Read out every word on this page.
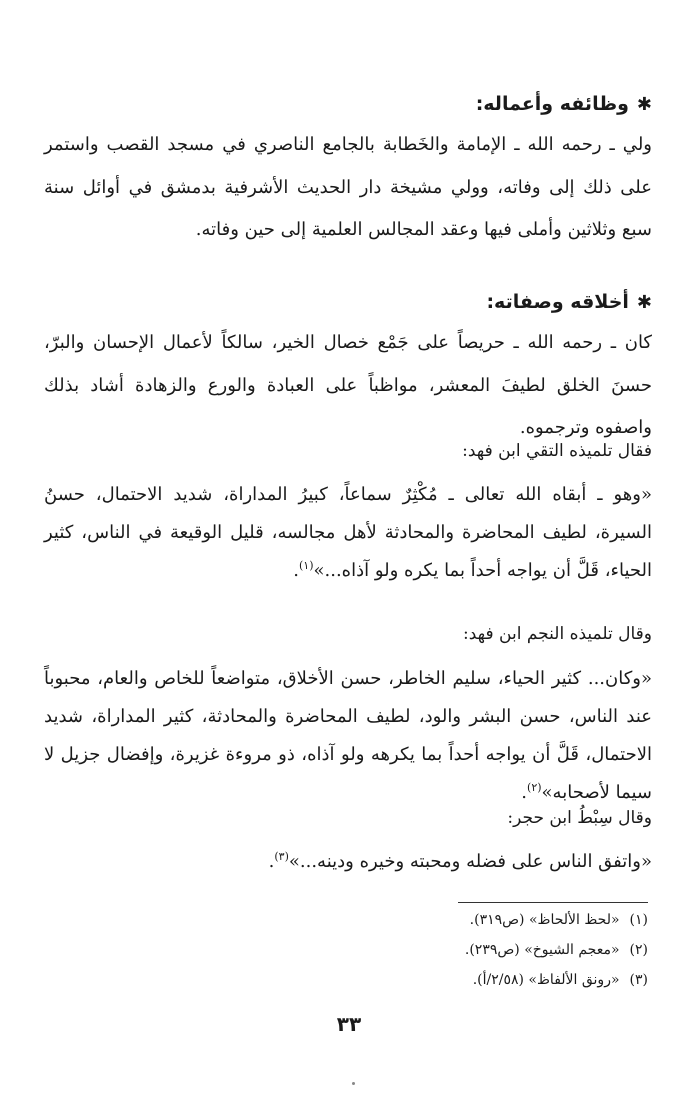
✱وظائفه وأعماله:
ولي ـ رحمه الله ـ الإمامة والخَطابة بالجامع الناصري في مسجد القصب واستمر على ذلك إلى وفاته، وولي مشيخة دار الحديث الأشرفية بدمشق في أوائل سنة سبع وثلاثين وأملى فيها وعقد المجالس العلمية إلى حين وفاته.
✱أخلاقه وصفاته:
كان ـ رحمه الله ـ حريصاً على جَمْع خصال الخير، سالكاً لأعمال الإحسان والبرّ، حسنَ الخلق لطيفَ المعشر، مواظباً على العبادة والورع والزهادة أشاد بذلك واصفوه وترجموه.
فقال تلميذه التقي ابن فهد:
«وهو ـ أبقاه الله تعالى ـ مُكْثِرٌ سماعاً، كبيرُ المداراة، شديد الاحتمال، حسنُ السيرة، لطيف المحاضرة والمحادثة لأهل مجالسه، قليل الوقيعة في الناس، كثير الحياء، قَلَّ أن يواجه أحداً بما يكره ولو آذاه...»$^{(١)}$.
وقال تلميذه النجم ابن فهد:
«وكان... كثير الحياء، سليم الخاطر، حسن الأخلاق، متواضعاً للخاص والعام، محبوباً عند الناس، حسن البشر والود، لطيف المحاضرة والمحادثة، كثير المداراة، شديد الاحتمال، قَلَّ أن يواجه أحداً بما يكرهه ولو آذاه، ذو مروءة غزيرة، وإفضال جزيل لا سيما لأصحابه»$^{(٢)}$.
وقال سِبْطُ ابن حجر:
«واتفق الناس على فضله ومحبته وخيره ودينه...»$^{(٣)}$.
(١)«لحظ الألحاظ» (ص٣١٩).
(٢)«معجم الشيوخ» (ص٢٣٩).
(٣)«رونق الألفاظ» (٢/٥٨/أ).
٣٣
